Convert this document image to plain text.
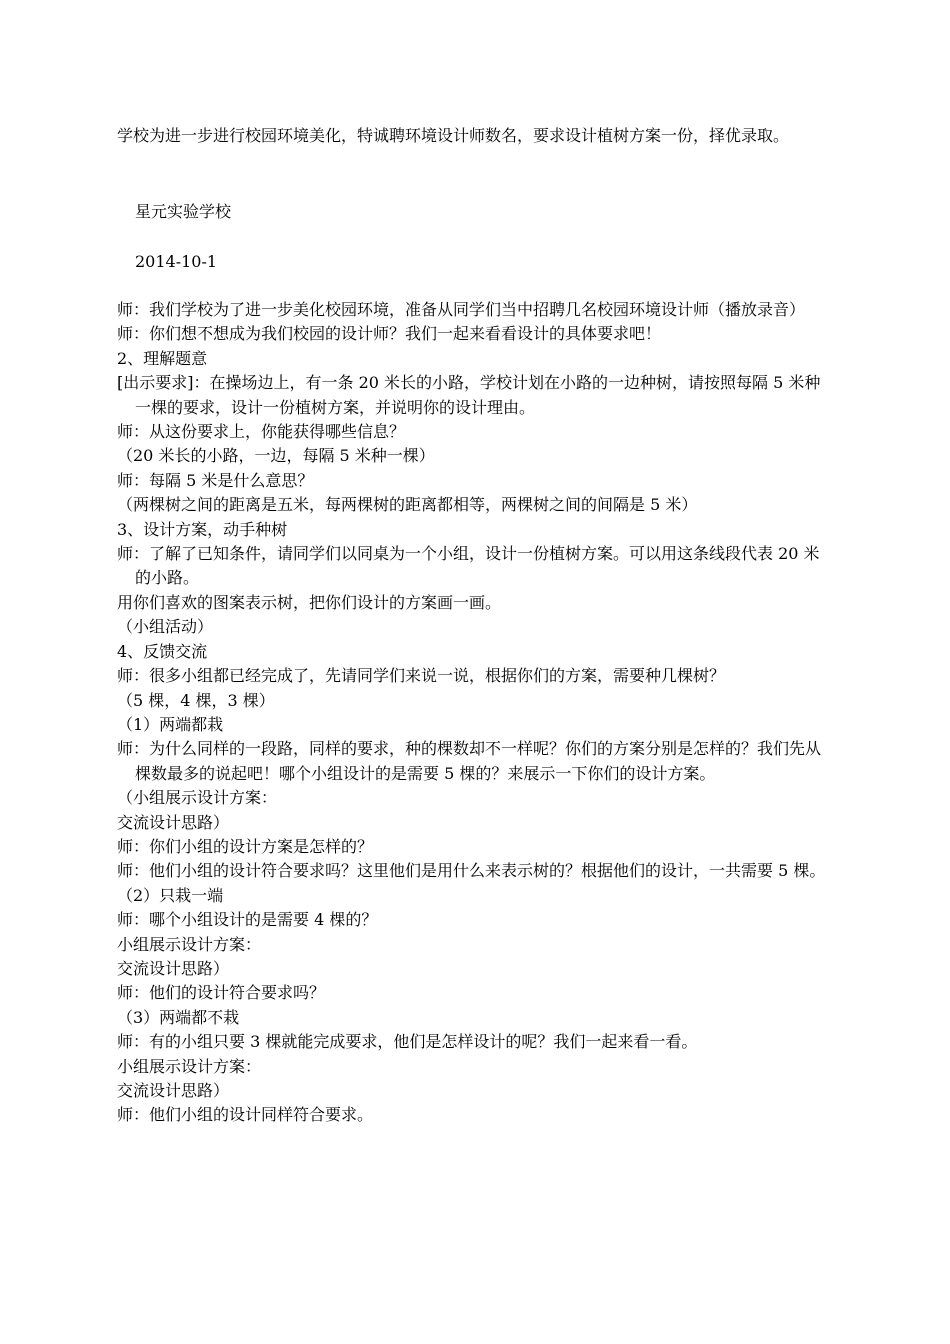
学校为进一步进行校园环境美化，特诚聘环境设计师数名，要求设计植树方案一份，择优录取。

星元实验学校

2014-10-1

师：我们学校为了进一步美化校园环境，准备从同学们当中招聘几名校园环境设计师（播放录音）

师：你们想不想成为我们校园的设计师？我们一起来看看设计的具体要求吧！

2、理解题意

[出示要求]：在操场边上，有一条 20 米长的小路，学校计划在小路的一边种树，请按照每隔 5 米种一棵的要求，设计一份植树方案，并说明你的设计理由。

师：从这份要求上，你能获得哪些信息？

（20 米长的小路，一边，每隔 5 米种一棵）

师：每隔 5 米是什么意思？

（两棵树之间的距离是五米，每两棵树的距离都相等，两棵树之间的间隔是 5 米）

3、设计方案，动手种树

师：了解了已知条件，请同学们以同桌为一个小组，设计一份植树方案。可以用这条线段代表 20 米的小路。

用你们喜欢的图案表示树，把你们设计的方案画一画。

（小组活动）

4、反馈交流

师：很多小组都已经完成了，先请同学们来说一说，根据你们的方案，需要种几棵树？

（5 棵，4 棵，3 棵）

（1）两端都栽

师：为什么同样的一段路，同样的要求，种的棵数却不一样呢？你们的方案分别是怎样的？我们先从棵数最多的说起吧！哪个小组设计的是需要 5 棵的？来展示一下你们的设计方案。

（小组展示设计方案：

交流设计思路）

师：你们小组的设计方案是怎样的？

师：他们小组的设计符合要求吗？这里他们是用什么来表示树的？根据他们的设计，一共需要 5 棵。

（2）只栽一端

师：哪个小组设计的是需要 4 棵的？

小组展示设计方案：

交流设计思路）

师：他们的设计符合要求吗？

（3）两端都不栽

师：有的小组只要 3 棵就能完成要求，他们是怎样设计的呢？我们一起来看一看。

小组展示设计方案：

交流设计思路）

师：他们小组的设计同样符合要求。
